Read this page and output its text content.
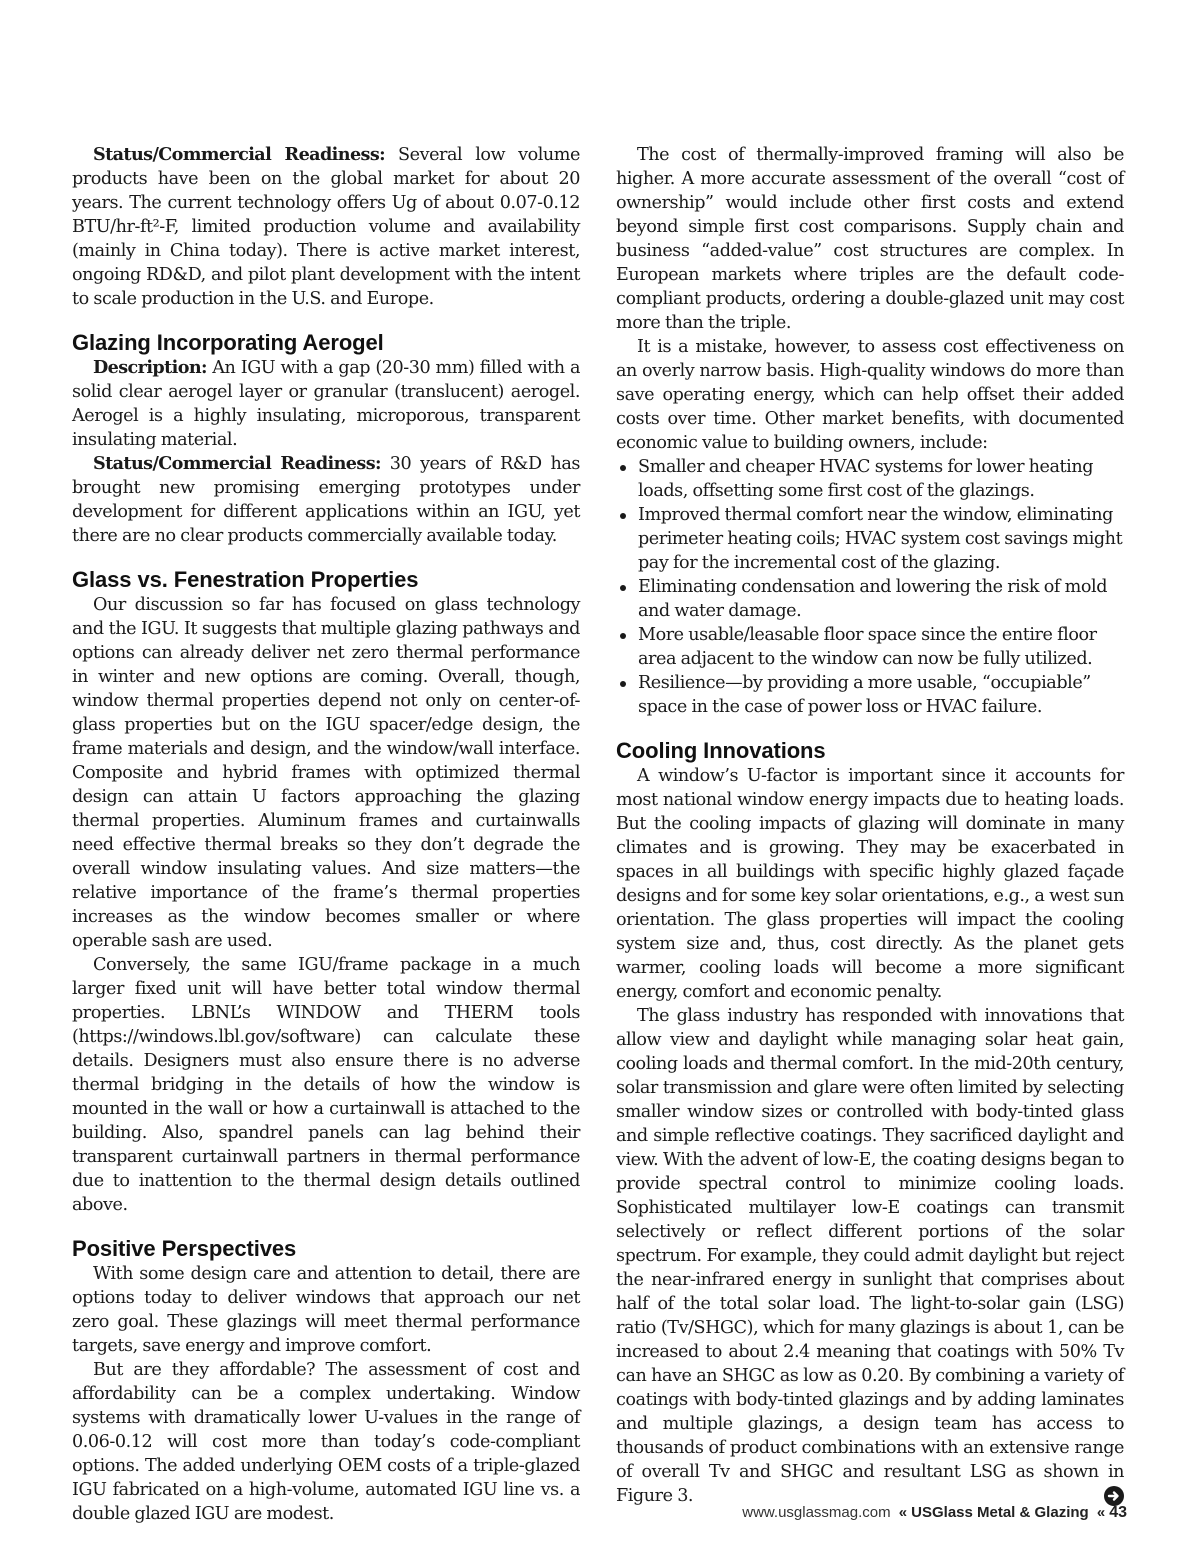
Status/Commercial Readiness: Several low volume products have been on the global market for about 20 years. The current technology offers Ug of about 0.07-0.12 BTU/hr-ft²-F, limited production volume and availability (mainly in China today). There is active market interest, ongoing RD&D, and pilot plant development with the intent to scale production in the U.S. and Europe.

Glazing Incorporating Aerogel

Description: An IGU with a gap (20-30 mm) filled with a solid clear aerogel layer or granular (translucent) aerogel. Aerogel is a highly insulating, microporous, transparent insulating material.

Status/Commercial Readiness: 30 years of R&D has brought new promising emerging prototypes under development for different applications within an IGU, yet there are no clear products commercially available today.

Glass vs. Fenestration Properties

Our discussion so far has focused on glass technology and the IGU. It suggests that multiple glazing pathways and options can already deliver net zero thermal performance in winter and new options are coming. Overall, though, window thermal properties depend not only on center-of-glass properties but on the IGU spacer/edge design, the frame materials and design, and the window/wall interface. Composite and hybrid frames with optimized thermal design can attain U factors approaching the glazing thermal properties. Aluminum frames and curtainwalls need effective thermal breaks so they don’t degrade the overall window insulating values. And size matters—the relative importance of the frame’s thermal properties increases as the window becomes smaller or where operable sash are used.

Conversely, the same IGU/frame package in a much larger fixed unit will have better total window thermal properties. LBNL’s WINDOW and THERM tools (https://windows.lbl.gov/software) can calculate these details. Designers must also ensure there is no adverse thermal bridging in the details of how the window is mounted in the wall or how a curtainwall is attached to the building. Also, spandrel panels can lag behind their transparent curtainwall partners in thermal performance due to inattention to the thermal design details outlined above.

Positive Perspectives

With some design care and attention to detail, there are options today to deliver windows that approach our net zero goal. These glazings will meet thermal performance targets, save energy and improve comfort.

But are they affordable? The assessment of cost and affordability can be a complex undertaking. Window systems with dramatically lower U-values in the range of 0.06-0.12 will cost more than today’s code-compliant options. The added underlying OEM costs of a triple-glazed IGU fabricated on a high-volume, automated IGU line vs. a double glazed IGU are modest.

The cost of thermally-improved framing will also be higher. A more accurate assessment of the overall “cost of ownership” would include other first costs and extend beyond simple first cost comparisons. Supply chain and business “added-value” cost structures are complex. In European markets where triples are the default code-compliant products, ordering a double-glazed unit may cost more than the triple.

It is a mistake, however, to assess cost effectiveness on an overly narrow basis. High-quality windows do more than save operating energy, which can help offset their added costs over time. Other market benefits, with documented economic value to building owners, include:

Smaller and cheaper HVAC systems for lower heating loads, offsetting some first cost of the glazings.
Improved thermal comfort near the window, eliminating perimeter heating coils; HVAC system cost savings might pay for the incremental cost of the glazing.
Eliminating condensation and lowering the risk of mold and water damage.
More usable/leasable floor space since the entire floor area adjacent to the window can now be fully utilized.
Resilience—by providing a more usable, “occupiable” space in the case of power loss or HVAC failure.
Cooling Innovations

A window’s U-factor is important since it accounts for most national window energy impacts due to heating loads. But the cooling impacts of glazing will dominate in many climates and is growing. They may be exacerbated in spaces in all buildings with specific highly glazed façade designs and for some key solar orientations, e.g., a west sun orientation. The glass properties will impact the cooling system size and, thus, cost directly. As the planet gets warmer, cooling loads will become a more significant energy, comfort and economic penalty.

The glass industry has responded with innovations that allow view and daylight while managing solar heat gain, cooling loads and thermal comfort. In the mid-20th century, solar transmission and glare were often limited by selecting smaller window sizes or controlled with body-tinted glass and simple reflective coatings. They sacrificed daylight and view. With the advent of low-E, the coating designs began to provide spectral control to minimize cooling loads. Sophisticated multilayer low-E coatings can transmit selectively or reflect different portions of the solar spectrum. For example, they could admit daylight but reject the near-infrared energy in sunlight that comprises about half of the total solar load. The light-to-solar gain (LSG) ratio (Tv/SHGC), which for many glazings is about 1, can be increased to about 2.4 meaning that coatings with 50% Tv can have an SHGC as low as 0.20. By combining a variety of coatings with body-tinted glazings and by adding laminates and multiple glazings, a design team has access to thousands of product combinations with an extensive range of overall Tv and SHGC and resultant LSG as shown in Figure 3.

www.usglassmag.com « USGlass Metal & Glazing « 43
